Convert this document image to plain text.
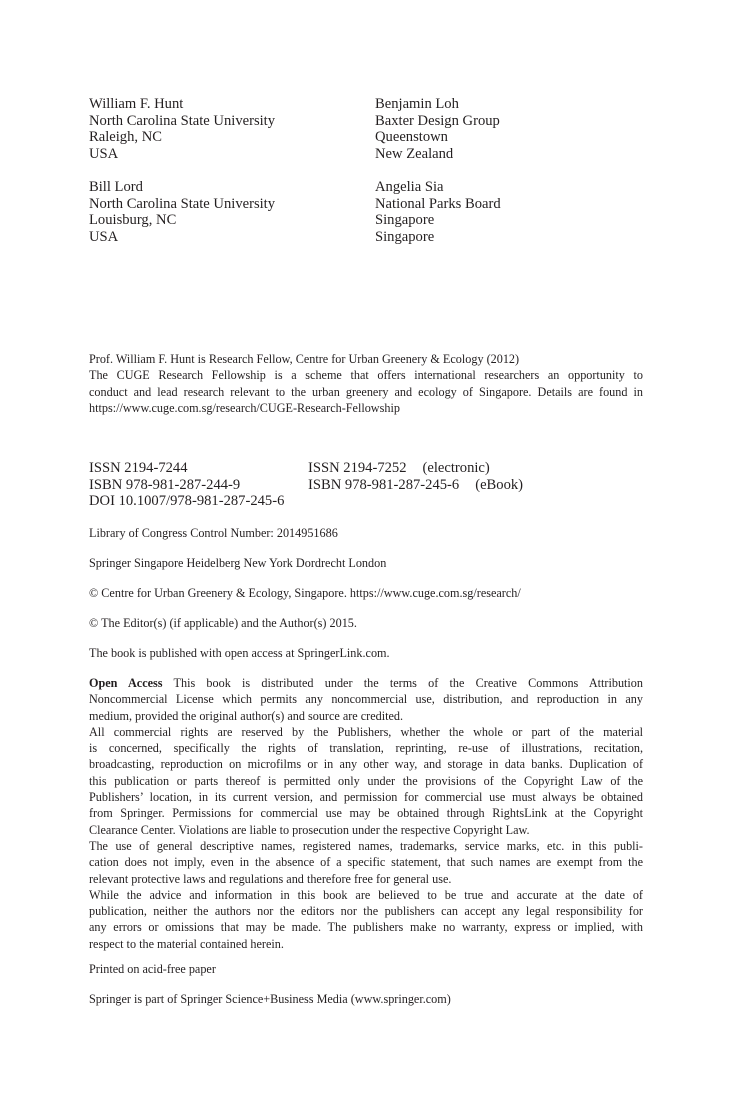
William F. Hunt
North Carolina State University
Raleigh, NC
USA
Benjamin Loh
Baxter Design Group
Queenstown
New Zealand
Bill Lord
North Carolina State University
Louisburg, NC
USA
Angelia Sia
National Parks Board
Singapore
Singapore
Prof. William F. Hunt is Research Fellow, Centre for Urban Greenery & Ecology (2012)
The CUGE Research Fellowship is a scheme that offers international researchers an opportunity to
conduct and lead research relevant to the urban greenery and ecology of Singapore. Details are found in
https://www.cuge.com.sg/research/CUGE-Research-Fellowship
ISSN 2194-7244
ISBN 978-981-287-244-9
DOI 10.1007/978-981-287-245-6
ISSN 2194-7252 (electronic)
ISBN 978-981-287-245-6 (eBook)
Library of Congress Control Number: 2014951686
Springer Singapore Heidelberg New York Dordrecht London
© Centre for Urban Greenery & Ecology, Singapore. https://www.cuge.com.sg/research/
© The Editor(s) (if applicable) and the Author(s) 2015.
The book is published with open access at SpringerLink.com.
Open Access This book is distributed under the terms of the Creative Commons Attribution
Noncommercial License which permits any noncommercial use, distribution, and reproduction in any
medium, provided the original author(s) and source are credited.
All commercial rights are reserved by the Publishers, whether the whole or part of the material
is concerned, specifically the rights of translation, reprinting, re-use of illustrations, recitation,
broadcasting, reproduction on microfilms or in any other way, and storage in data banks. Duplication of
this publication or parts thereof is permitted only under the provisions of the Copyright Law of the
Publishers’ location, in its current version, and permission for commercial use must always be obtained
from Springer. Permissions for commercial use may be obtained through RightsLink at the Copyright
Clearance Center. Violations are liable to prosecution under the respective Copyright Law.
The use of general descriptive names, registered names, trademarks, service marks, etc. in this publi-
cation does not imply, even in the absence of a specific statement, that such names are exempt from the
relevant protective laws and regulations and therefore free for general use.
While the advice and information in this book are believed to be true and accurate at the date of
publication, neither the authors nor the editors nor the publishers can accept any legal responsibility for
any errors or omissions that may be made. The publishers make no warranty, express or implied, with
respect to the material contained herein.
Printed on acid-free paper
Springer is part of Springer Science+Business Media (www.springer.com)
